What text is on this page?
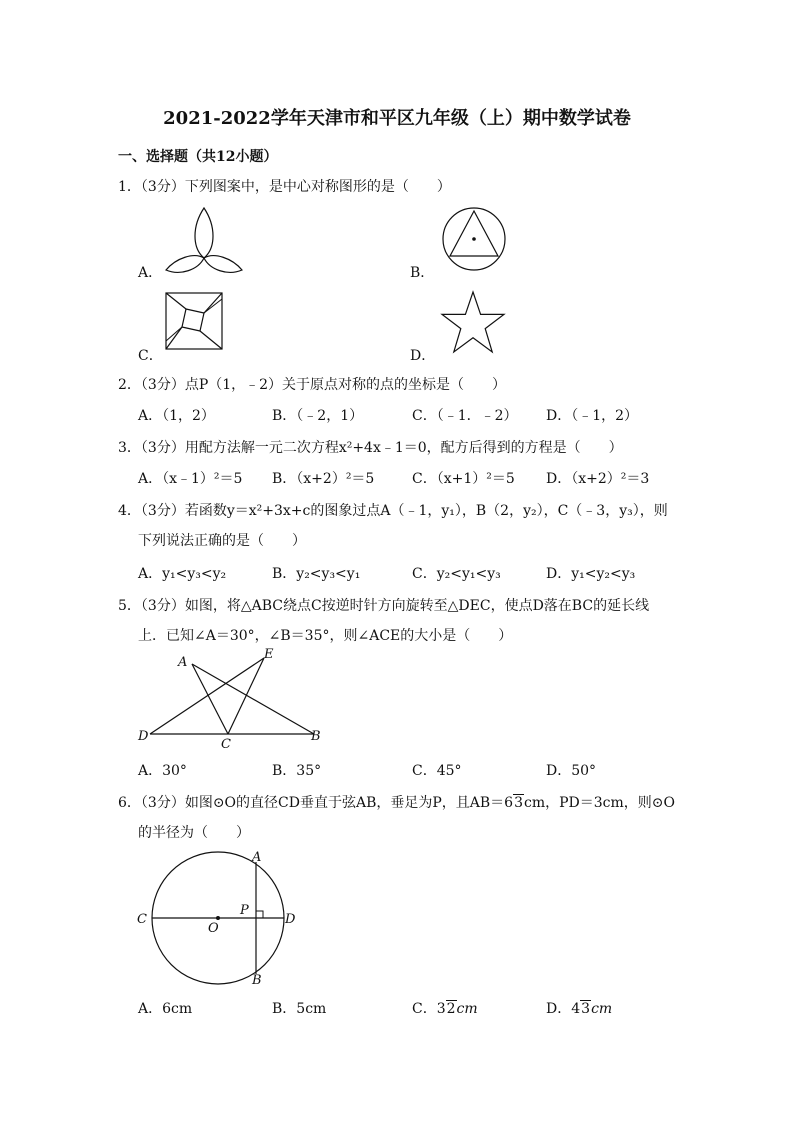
2021-2022学年天津市和平区九年级（上）期中数学试卷
一、选择题（共12小题）
1．（3分）下列图案中，是中心对称图形的是（　　）
A．	B．
C．	D．
2．（3分）点P（1，﹣2）关于原点对称的点的坐标是（　　）
A．（1，2）	B．（﹣2，1）	C．（﹣1．﹣2） D．（﹣1，2）
3．（3分）用配方法解一元二次方程x²+4x﹣1＝0，配方后得到的方程是（　　）
A．（x﹣1）²＝5 B．（x+2）²＝5	C．（x+1）²＝5 D．（x+2）²＝3
4．（3分）若函数y＝x²+3x+c的图象过点A（﹣1，y₁），B（2，y₂），C（﹣3，y₃），则
下列说法正确的是（　　）
A．y₁<y₃<y₂	B．y₂<y₃<y₁	C．y₂<y₁<y₃	D．y₁<y₂<y₃
5．（3分）如图，将△ABC绕点C按逆时针方向旋转至△DEC，使点D落在BC的延长线
上．已知∠A＝30°，∠B＝35°，则∠ACE的大小是（　　）
A
E
D
C
B
A．30°	B．35°	C．45°	D．50°
6．（3分）如图⊙O的直径CD垂直于弦AB，垂足为P，且AB＝63cm，PD＝3cm，则⊙O
的半径为（　　）
A
C
P
D
O
B
A．6cm	B．5cm	C．32cm	D．43cm
